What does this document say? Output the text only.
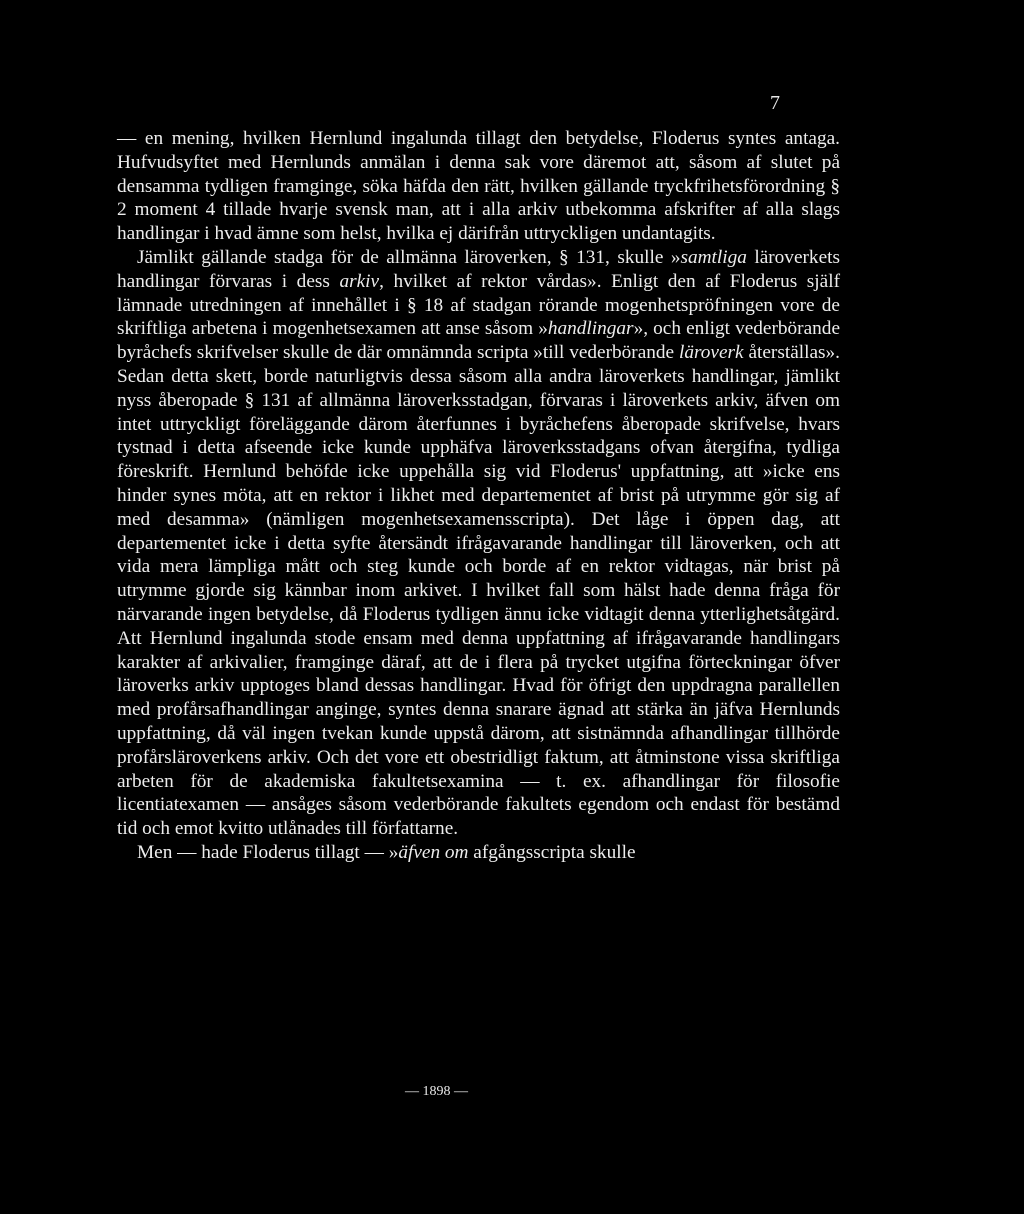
7

— en mening, hvilken Hernlund ingalunda tillagt den betydelse, Floderus syntes antaga. Hufvudsyftet med Hernlunds anmälan i denna sak vore däremot att, såsom af slutet på densamma tydligen framginge, söka häfda den rätt, hvilken gällande tryckfrihetsförordning § 2 moment 4 tillade hvarje svensk man, att i alla arkiv utbekomma afskrifter af alla slags handlingar i hvad ämne som helst, hvilka ej därifrån uttryckligen undantagits.

Jämlikt gällande stadga för de allmänna läroverken, § 131, skulle »samtliga läroverkets handlingar förvaras i dess arkiv, hvilket af rektor vårdas». Enligt den af Floderus själf lämnade utredningen af innehållet i § 18 af stadgan rörande mogenhetspröfningen vore de skriftliga arbetena i mogenhetsexamen att anse såsom »handlingar», och enligt vederbörande byråchefs skrifvelser skulle de där omnämnda scripta »till vederbörande läroverk återställas». Sedan detta skett, borde naturligtvis dessa såsom alla andra läroverkets handlingar, jämlikt nyss åberopade § 131 af allmänna läroverksstadgan, förvaras i läroverkets arkiv, äfven om intet uttryckligt föreläggande därom återfunnes i byråchefens åberopade skrifvelse, hvars tystnad i detta afseende icke kunde upphäfva läroverksstadgans ofvan återgifna, tydliga föreskrift. Hernlund behöfde icke uppehålla sig vid Floderus' uppfattning, att »icke ens hinder synes möta, att en rektor i likhet med departementet af brist på utrymme gör sig af med desamma» (nämligen mogenhetsexamensscripta). Det låge i öppen dag, att departementet icke i detta syfte återsändt ifrågavarande handlingar till läroverken, och att vida mera lämpliga mått och steg kunde och borde af en rektor vidtagas, när brist på utrymme gjorde sig kännbar inom arkivet. I hvilket fall som hälst hade denna fråga för närvarande ingen betydelse, då Floderus tydligen ännu icke vidtagit denna ytterlighetsåtgärd. Att Hernlund ingalunda stode ensam med denna uppfattning af ifrågavarande handlingars karakter af arkivalier, framginge däraf, att de i flera på trycket utgifna förteckningar öfver läroverks arkiv upptoges bland dessas handlingar. Hvad för öfrigt den uppdragna parallellen med profårsafhandlingar anginge, syntes denna snarare ägnad att stärka än jäfva Hernlunds uppfattning, då väl ingen tvekan kunde uppstå därom, att sistnämnda afhandlingar tillhörde profårsläroverkens arkiv. Och det vore ett obestridligt faktum, att åtminstone vissa skriftliga arbeten för de akademiska fakultetsexamina — t. ex. afhandlingar för filosofie licentiatexamen — ansåges såsom vederbörande fakultets egendom och endast för bestämd tid och emot kvitto utlånades till författarne.

Men — hade Floderus tillagt — »äfven om afgångsscripta skulle

— 1898 —
